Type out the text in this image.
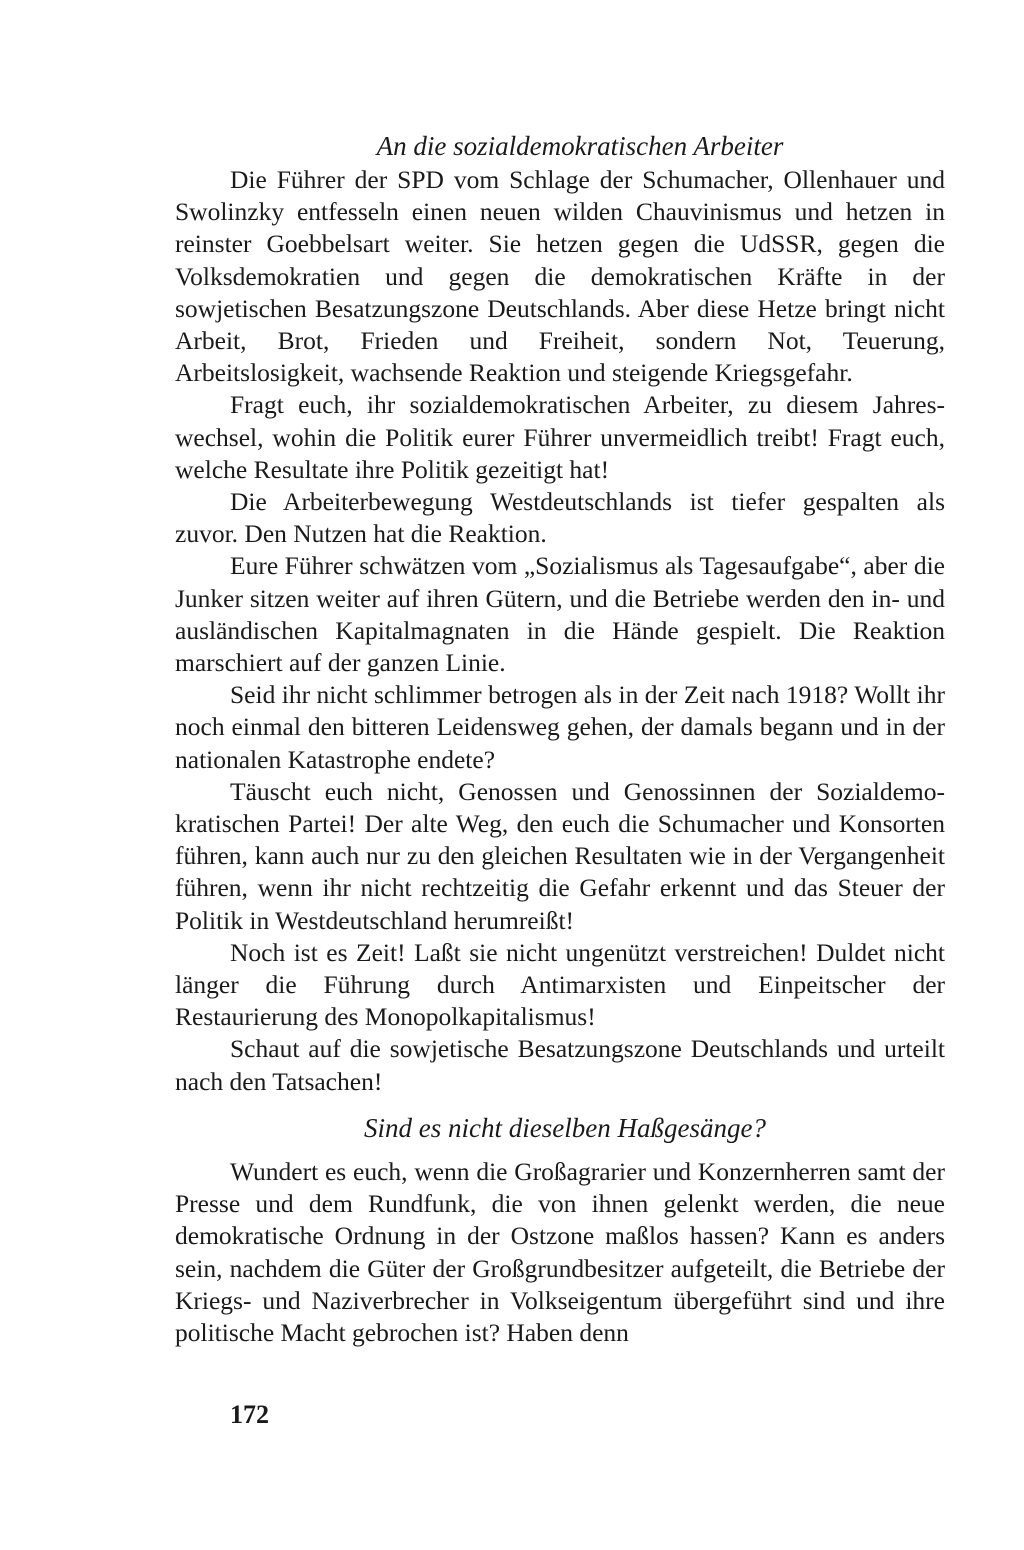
An die sozialdemokratischen Arbeiter

Die Führer der SPD vom Schlage der Schumacher, Ollenhauer und Swolinzky entfesseln einen neuen wilden Chauvinismus und hetzen in reinster Goebbelsart weiter. Sie hetzen gegen die UdSSR, gegen die Volksdemokratien und gegen die demokratischen Kräfte in der sowjetischen Besatzungszone Deutschlands. Aber diese Hetze bringt nicht Arbeit, Brot, Frieden und Freiheit, sondern Not, Teuerung, Arbeitslosigkeit, wachsende Reaktion und steigende Kriegsgefahr.

Fragt euch, ihr sozialdemokratischen Arbeiter, zu diesem Jahreswechsel, wohin die Politik eurer Führer unvermeidlich treibt! Fragt euch, welche Resultate ihre Politik gezeitigt hat!

Die Arbeiterbewegung Westdeutschlands ist tiefer gespalten als zuvor. Den Nutzen hat die Reaktion.

Eure Führer schwätzen vom „Sozialismus als Tagesaufgabe“, aber die Junker sitzen weiter auf ihren Gütern, und die Betriebe werden den in- und ausländischen Kapitalmagnaten in die Hände gespielt. Die Reaktion marschiert auf der ganzen Linie.

Seid ihr nicht schlimmer betrogen als in der Zeit nach 1918? Wollt ihr noch einmal den bitteren Leidensweg gehen, der damals begann und in der nationalen Katastrophe endete?

Täuscht euch nicht, Genossen und Genossinnen der Sozialdemokratischen Partei! Der alte Weg, den euch die Schumacher und Konsorten führen, kann auch nur zu den gleichen Resultaten wie in der Vergangenheit führen, wenn ihr nicht rechtzeitig die Gefahr erkennt und das Steuer der Politik in Westdeutschland herumreißt!

Noch ist es Zeit! Laßt sie nicht ungenützt verstreichen! Duldet nicht länger die Führung durch Antimarxisten und Einpeitscher der Restaurierung des Monopolkapitalismus!

Schaut auf die sowjetische Besatzungszone Deutschlands und urteilt nach den Tatsachen!

Sind es nicht dieselben Haßgesänge?

Wundert es euch, wenn die Großagrarier und Konzernherren samt der Presse und dem Rundfunk, die von ihnen gelenkt werden, die neue demokratische Ordnung in der Ostzone maßlos hassen? Kann es anders sein, nachdem die Güter der Großgrundbesitzer aufgeteilt, die Betriebe der Kriegs- und Naziverbrecher in Volkseigentum übergeführt sind und ihre politische Macht gebrochen ist? Haben denn

172
